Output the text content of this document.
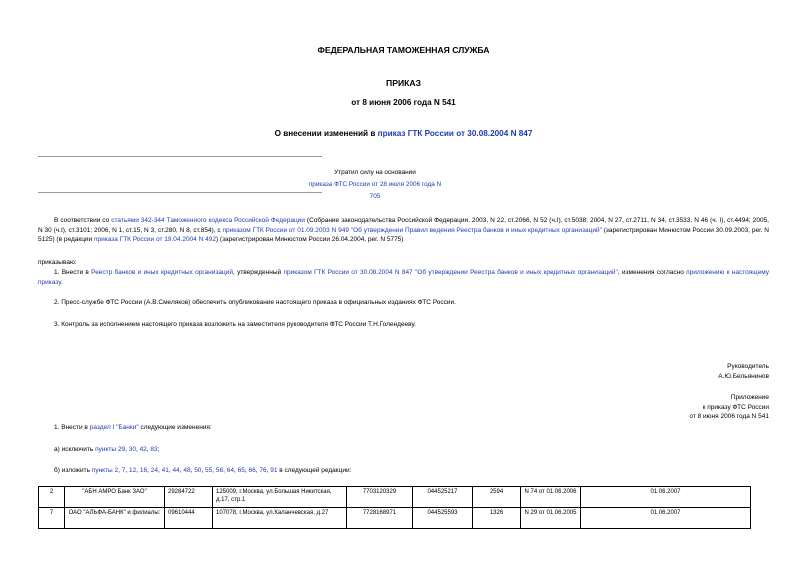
ФЕДЕРАЛЬНАЯ ТАМОЖЕННАЯ СЛУЖБА
ПРИКАЗ
от 8 июня 2006 года N 541
О внесении изменений в приказ ГТК России от 30.08.2004 N 847
Утратил силу на основании
приказа ФТС России от 28 июля 2006 года N 705
В соответствии со статьями 342-344 Таможенного кодекса Российской Федерации (Собрание законодательства Российской Федерации, 2003, N 22, ст.2066, N 52 (ч.I), ст.5038; 2004, N 27, ст.2711, N 34, ст.3533, N 46 (ч. I), ст.4494; 2005, N 30 (ч.I), ст.3101; 2006, N 1, ст.15, N 3, ст.280, N 8, ст.854), с приказом ГТК России от 01.09.2003 N 949 "Об утверждении Правил ведения Реестра банков и иных кредитных организаций" (зарегистрирован Минюстом России 30.09.2003, рег. N 5125) (в редакции приказа ГТК России от 19.04.2004 N 492) (зарегистрирован Минюстом России 26.04.2004, рег. N 5775)
приказываю:
1. Внести в Реестр банков и иных кредитных организаций, утвержденный приказом ГТК России от 30.08.2004 N 847 "Об утверждении Реестра банков и иных кредитных организаций", изменения согласно приложению к настоящему приказу.
2. Пресс-службе ФТС России (А.В.Смеляков) обеспечить опубликование настоящего приказа в официальных изданиях ФТС России.
3. Контроль за исполнением настоящего приказа возложить на заместителя руководителя ФТС России Т.Н.Голендееву.
Руководитель
А.Ю.Бельянинов
Приложение
к приказу ФТС России
от 8 июня 2006 года N 541
1. Внести в раздел I "Банки" следующие изменения:
а) исключить пункты 29, 30, 42, 83;
б) изложить пункты 2, 7, 12, 16, 24, 41, 44, 48, 50, 55, 56, 64, 65, 66, 76, 91 в следующей редакции:
2	"АБН АМРО Банк ЗАО"	29284722	125009, г.Москва, ул.Большая Никитская, д.17, стр.1	7703120329	044525217	2594	N 74 от 01.06.2006	01.06.2007
7	ОАО "АЛЬФА-БАНК" и филиалы:	09610444	107078, г.Москва, ул.Каланчевская, д.27	7728168971	044525593	1326	N 29 от 01.06.2005	01.06.2007
